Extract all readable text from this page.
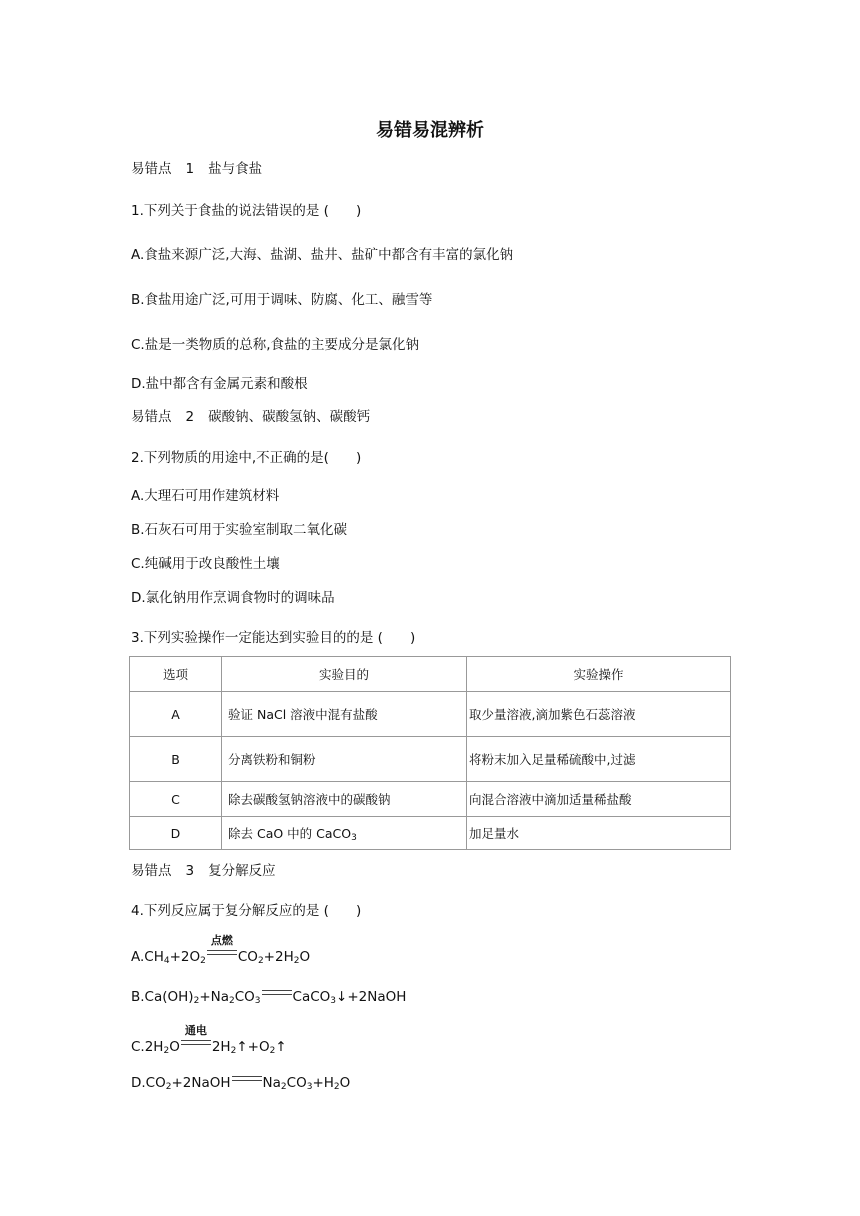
易错易混辨析
易错点 1 盐与食盐
1.下列关于食盐的说法错误的是 (　　)
A.食盐来源广泛,大海、盐湖、盐井、盐矿中都含有丰富的氯化钠
B.食盐用途广泛,可用于调味、防腐、化工、融雪等
C.盐是一类物质的总称,食盐的主要成分是氯化钠
D.盐中都含有金属元素和酸根
易错点 2 碳酸钠、碳酸氢钠、碳酸钙
2.下列物质的用途中,不正确的是(　　)
A.大理石可用作建筑材料
B.石灰石可用于实验室制取二氧化碳
C.纯碱用于改良酸性土壤
D.氯化钠用作烹调食物时的调味品
3.下列实验操作一定能达到实验目的的是 (　　)
选项	实验目的	实验操作
A	验证 NaCl 溶液中混有盐酸	取少量溶液,滴加紫色石蕊溶液
B	分离铁粉和铜粉	将粉末加入足量稀硫酸中,过滤
C	除去碳酸氢钠溶液中的碳酸钠	向混合溶液中滴加适量稀盐酸
D	除去 CaO 中的 CaCO$_3$	加足量水
易错点 3 复分解反应
4.下列反应属于复分解反应的是 (　　)
$A.CH_4+2O_2$
点燃
$CO_2+2H_2O$
$B.Ca(OH)_2+Na_2CO_3$ CaCO$_3$↓+2NaOH
$C.2H_2O$
通电
$2H_2↑+O_2↑$
$D.CO_2+2NaOH$ $Na_2CO_3+H_2O$
